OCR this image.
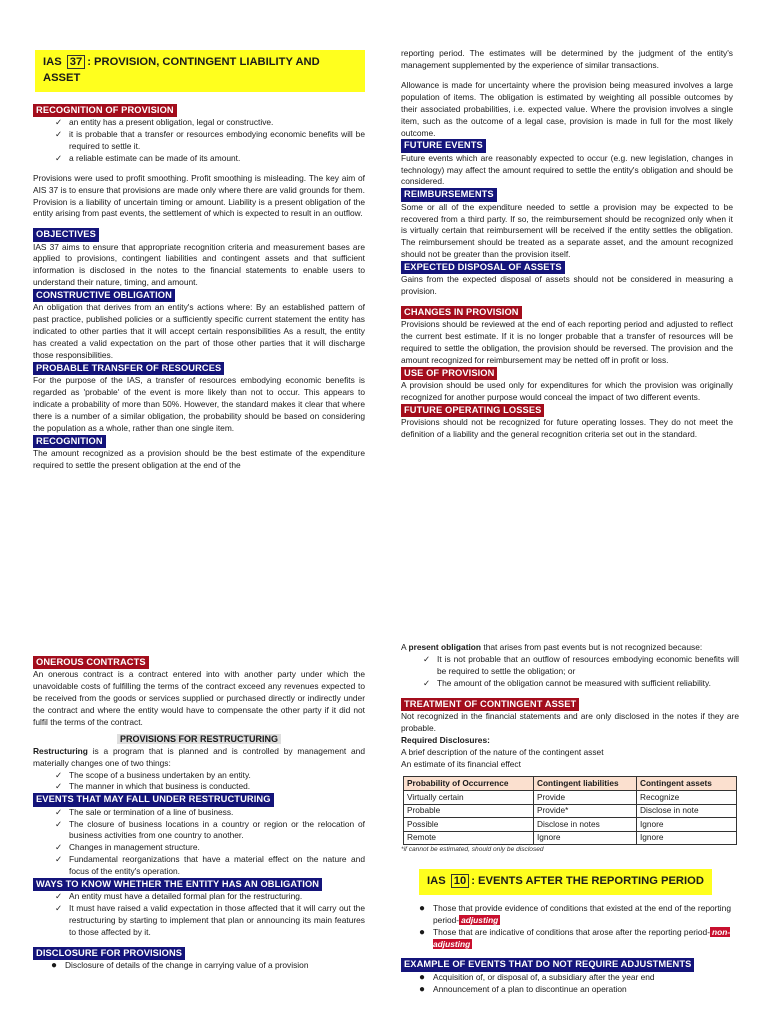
IAS 37 : PROVISION, CONTINGENT LIABILITY AND ASSET
RECOGNITION OF PROVISION
✓ an entity has a present obligation, legal or constructive.
✓ it is probable that a transfer or resources embodying economic benefits will be required to settle it.
✓ a reliable estimate can be made of its amount.
Provisions were used to profit smoothing. Profit smoothing is misleading. The key aim of AIS 37 is to ensure that provisions are made only where there are valid grounds for them. Provision is a liability of uncertain timing or amount. Liability is a present obligation of the entity arising from past events, the settlement of which is expected to result in an outflow.
OBJECTIVES
IAS 37 aims to ensure that appropriate recognition criteria and measurement bases are applied to provisions, contingent liabilities and contingent assets and that sufficient information is disclosed in the notes to the financial statements to enable users to understand their nature, timing, and amount.
CONSTRUCTIVE OBLIGATION
An obligation that derives from an entity's actions where: By an established pattern of past practice, published policies or a sufficiently specific current statement the entity has indicated to other parties that it will accept certain responsibilities As a result, the entity has created a valid expectation on the part of those other parties that it will discharge those responsibilities.
PROBABLE TRANSFER OF RESOURCES
For the purpose of the IAS, a transfer of resources embodying economic benefits is regarded as 'probable' of the event is more likely than not to occur. This appears to indicate a probability of more than 50%. However, the standard makes it clear that where there is a number of a similar obligation, the probability should be based on considering the population as a whole, rather than one single item.
RECOGNITION
The amount recognized as a provision should be the best estimate of the expenditure required to settle the present obligation at the end of the
reporting period. The estimates will be determined by the judgment of the entity's management supplemented by the experience of similar transactions.
Allowance is made for uncertainty where the provision being measured involves a large population of items. The obligation is estimated by weighting all possible outcomes by their associated probabilities, i.e. expected value. Where the provision involves a single item, such as the outcome of a legal case, provision is made in full for the most likely outcome.
FUTURE EVENTS
Future events which are reasonably expected to occur (e.g. new legislation, changes in technology) may affect the amount required to settle the entity's obligation and should be considered.
REIMBURSEMENTS
Some or all of the expenditure needed to settle a provision may be expected to be recovered from a third party. If so, the reimbursement should be recognized only when it is virtually certain that reimbursement will be received if the entity settles the obligation. The reimbursement should be treated as a separate asset, and the amount recognized should not be greater than the provision itself.
EXPECTED DISPOSAL OF ASSETS
Gains from the expected disposal of assets should not be considered in measuring a provision.
CHANGES IN PROVISION
Provisions should be reviewed at the end of each reporting period and adjusted to reflect the current best estimate. If it is no longer probable that a transfer of resources will be required to settle the obligation, the provision should be reversed. The provision and the amount recognized for reimbursement may be netted off in profit or loss.
USE OF PROVISION
A provision should be used only for expenditures for which the provision was originally recognized for another purpose would conceal the impact of two different events.
FUTURE OPERATING LOSSES
Provisions should not be recognized for future operating losses. They do not meet the definition of a liability and the general recognition criteria set out in the standard.
ONEROUS CONTRACTS
An onerous contract is a contract entered into with another party under which the unavoidable costs of fulfilling the terms of the contract exceed any revenues expected to be received from the goods or services supplied or purchased directly or indirectly under the contract and where the entity would have to compensate the other party if it did not fulfil the terms of the contract.
PROVISIONS FOR RESTRUCTURING
Restructuring is a program that is planned and is controlled by management and materially changes one of two things:
✓ The scope of a business undertaken by an entity.
✓ The manner in which that business is conducted.
EVENTS THAT MAY FALL UNDER RESTRUCTURING
✓ The sale or termination of a line of business.
✓ The closure of business locations in a country or region or the relocation of business activities from one country to another.
✓ Changes in management structure.
✓ Fundamental reorganizations that have a material effect on the nature and focus of the entity's operation.
WAYS TO KNOW WHETHER THE ENTITY HAS AN OBLIGATION
✓ An entity must have a detailed formal plan for the restructuring.
✓ It must have raised a valid expectation in those affected that it will carry out the restructuring by starting to implement that plan or announcing its main features to those affected by it.
DISCLOSURE FOR PROVISIONS
● Disclosure of details of the change in carrying value of a provision
A present obligation that arises from past events but is not recognized because:
✓ It is not probable that an outflow of resources embodying economic benefits will be required to settle the obligation; or
✓ The amount of the obligation cannot be measured with sufficient reliability.
TREATMENT OF CONTINGENT ASSET
Not recognized in the financial statements and are only disclosed in the notes if they are probable.
Required Disclosures:
A brief description of the nature of the contingent asset
An estimate of its financial effect
Probability of Occurrence	Contingent liabilities	Contingent assets
Virtually certain	Provide	Recognize
Probable	Provide*	Disclose in note
Possible	Disclose in notes	Ignore
Remote	Ignore	Ignore
*if cannot be estimated, should only be disclosed
IAS 10 : EVENTS AFTER THE REPORTING PERIOD
● Those that provide evidence of conditions that existed at the end of the reporting period- adjusting
● Those that are indicative of conditions that arose after the reporting period- non-adjusting
EXAMPLE OF EVENTS THAT DO NOT REQUIRE ADJUSTMENTS
● Acquisition of, or disposal of, a subsidiary after the year end
● Announcement of a plan to discontinue an operation
